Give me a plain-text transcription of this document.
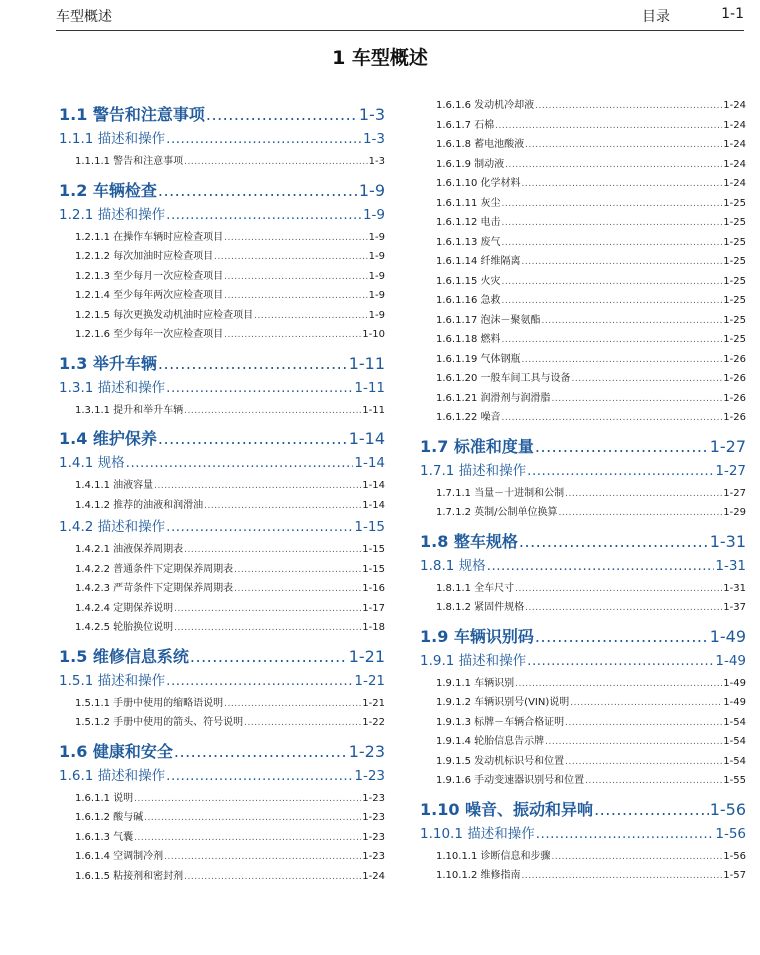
车型概述	目录	1-1
1 车型概述
1.1 警告和注意事项 .....	1-3
1.1.1 描述和操作 .....	1-3
1.1.1.1 警告和注意事项 .....	1-3
1.2 车辆检查 .....	1-9
1.2.1 描述和操作 .....	1-9
1.2.1.1 在操作车辆时应检查项目 .....	1-9
1.2.1.2 每次加油时应检查项目 .....	1-9
1.2.1.3 至少每月一次应检查项目 .....	1-9
1.2.1.4 至少每年两次应检查项目 .....	1-9
1.2.1.5 每次更换发动机油时应检查项目 .....	1-9
1.2.1.6 至少每年一次应检查项目 .....	1-10
1.3 举升车辆 .....	1-11
1.3.1 描述和操作 .....	1-11
1.3.1.1 提升和举升车辆 .....	1-11
1.4 维护保养 .....	1-14
1.4.1 规格 .....	1-14
1.4.1.1 油液容量 .....	1-14
1.4.1.2 推荐的油液和润滑油 .....	1-14
1.4.2 描述和操作 .....	1-15
1.4.2.1 油液保养周期表 .....	1-15
1.4.2.2 普通条件下定期保养周期表 .....	1-15
1.4.2.3 严苛条件下定期保养周期表 .....	1-16
1.4.2.4 定期保养说明 .....	1-17
1.4.2.5 轮胎换位说明 .....	1-18
1.5 维修信息系统 .....	1-21
1.5.1 描述和操作 .....	1-21
1.5.1.1 手册中使用的缩略语说明 .....	1-21
1.5.1.2 手册中使用的箭头、符号说明 .....	1-22
1.6 健康和安全 .....	1-23
1.6.1 描述和操作 .....	1-23
1.6.1.1 说明 .....	1-23
1.6.1.2 酸与碱 .....	1-23
1.6.1.3 气囊 .....	1-23
1.6.1.4 空调制冷剂 .....	1-23
1.6.1.5 粘接剂和密封剂 .....	1-24
1.6.1.6 发动机冷却液 .....	1-24
1.6.1.7 石棉 .....	1-24
1.6.1.8 蓄电池酸液 .....	1-24
1.6.1.9 制动液 .....	1-24
1.6.1.10 化学材料 .....	1-24
1.6.1.11 灰尘 .....	1-25
1.6.1.12 电击 .....	1-25
1.6.1.13 废气 .....	1-25
1.6.1.14 纤维隔离 .....	1-25
1.6.1.15 火灾 .....	1-25
1.6.1.16 急救 .....	1-25
1.6.1.17 泡沫－聚氨酯 .....	1-25
1.6.1.18 燃料 .....	1-25
1.6.1.19 气体钢瓶 .....	1-26
1.6.1.20 一般车间工具与设备 .....	1-26
1.6.1.21 润滑剂与润滑脂 .....	1-26
1.6.1.22 噪音 .....	1-26
1.7 标准和度量 .....	1-27
1.7.1 描述和操作 .....	1-27
1.7.1.1 当量－十进制和公制 .....	1-27
1.7.1.2 英制/公制单位换算 .....	1-29
1.8 整车规格 .....	1-31
1.8.1 规格 .....	1-31
1.8.1.1 全车尺寸 .....	1-31
1.8.1.2 紧固件规格 .....	1-37
1.9 车辆识别码 .....	1-49
1.9.1 描述和操作 .....	1-49
1.9.1.1 车辆识别 .....	1-49
1.9.1.2 车辆识别号(VIN)说明 .....	1-49
1.9.1.3 标牌－车辆合格证明 .....	1-54
1.9.1.4 轮胎信息告示牌 .....	1-54
1.9.1.5 发动机标识号和位置 .....	1-54
1.9.1.6 手动变速器识别号和位置 .....	1-55
1.10 噪音、振动和异响 .....	1-56
1.10.1 描述和操作 .....	1-56
1.10.1.1 诊断信息和步骤 .....	1-56
1.10.1.2 维修指南 .....	1-57
